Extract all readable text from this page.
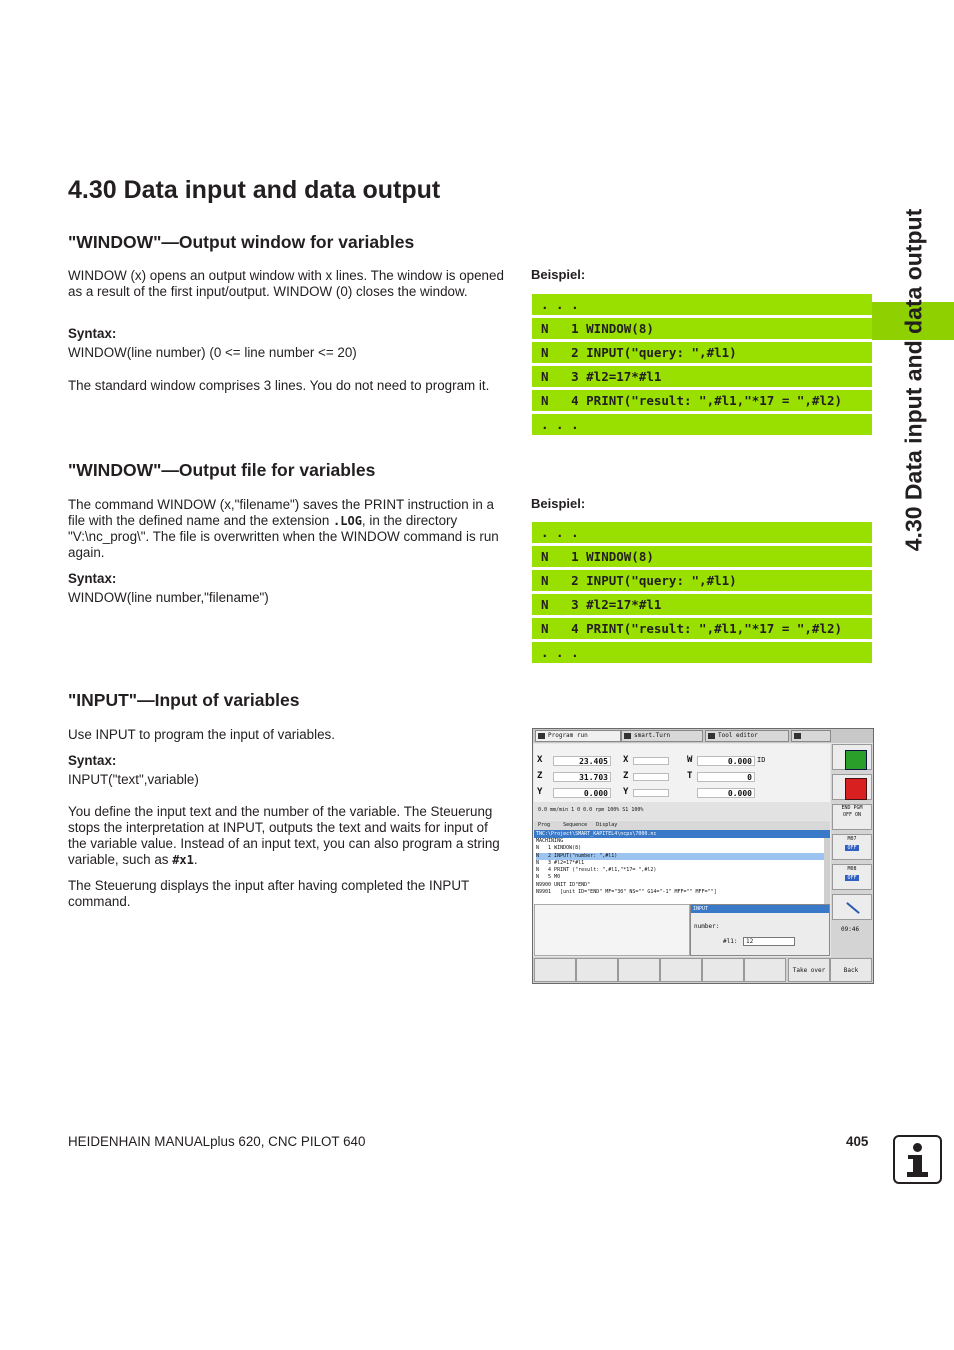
4.30 Data input and data output
4.30 Data input and data output
"WINDOW"—Output window for variables

WINDOW (x) opens an output window with x lines. The window is opened as a result of the first input/output. WINDOW (0) closes the window.

Syntax:

WINDOW(line number) (0 <= line number <= 20)

The standard window comprises 3 lines. You do not need to program it.

Beispiel:
. . .
N   1 WINDOW(8)
N   2 INPUT("query: ",#l1)
N   3 #l2=17*#l1
N   4 PRINT("result: ",#l1,"*17 = ",#l2)
. . .
"WINDOW"—Output file for variables

The command WINDOW (x,"filename") saves the PRINT instruction in a file with the defined name and the extension .LOG, in the directory "V:\nc_prog\". The file is overwritten when the WINDOW command is run again.

Syntax:

WINDOW(line number,"filename")

Beispiel:
. . .
N   1 WINDOW(8)
N   2 INPUT("query: ",#l1)
N   3 #l2=17*#l1
N   4 PRINT("result: ",#l1,"*17 = ",#l2)
. . .
"INPUT"—Input of variables

Use INPUT to program the input of variables.

Syntax:

INPUT("text",variable)

You define the input text and the number of the variable. The Steuerung stops the interpretation at INPUT, outputs the text and waits for input of the variable value. Instead of an input text, you can also program a string variable, such as #x1.

The Steuerung displays the input after having completed the INPUT command.

Program run	smart.Turn	Tool editor
X	23.405	X	W	0.000 ID
Z	31.703	Z	T	0
Y	0.000	Y	0.000
0.0 mm/min 1 0 0.0 rpm 100% S1 100%
Prog	Sequence Display
TNC:\Project\SMART_KAPITEL4\ncps\7000.nc
MACHINING
N   1 WINDOW(8)
N   2 INPUT("number: ",#l1)
N   3 #l2=17*#l1
N   4 PRINT ("result: ",#l1,"*17= ",#l2)
N   5 M0
N9900 UNIT ID"END"
N9901   [unit ID="END" MF="30" NS="" G14="-1" MFF="" MFF=""]
INPUT
number:
#l1:	12
END PGM
OFF ON
M07
OFF
M08
OFF
09:46
Take over	Back
HEIDENHAIN MANUALplus 620, CNC PILOT 640	405
